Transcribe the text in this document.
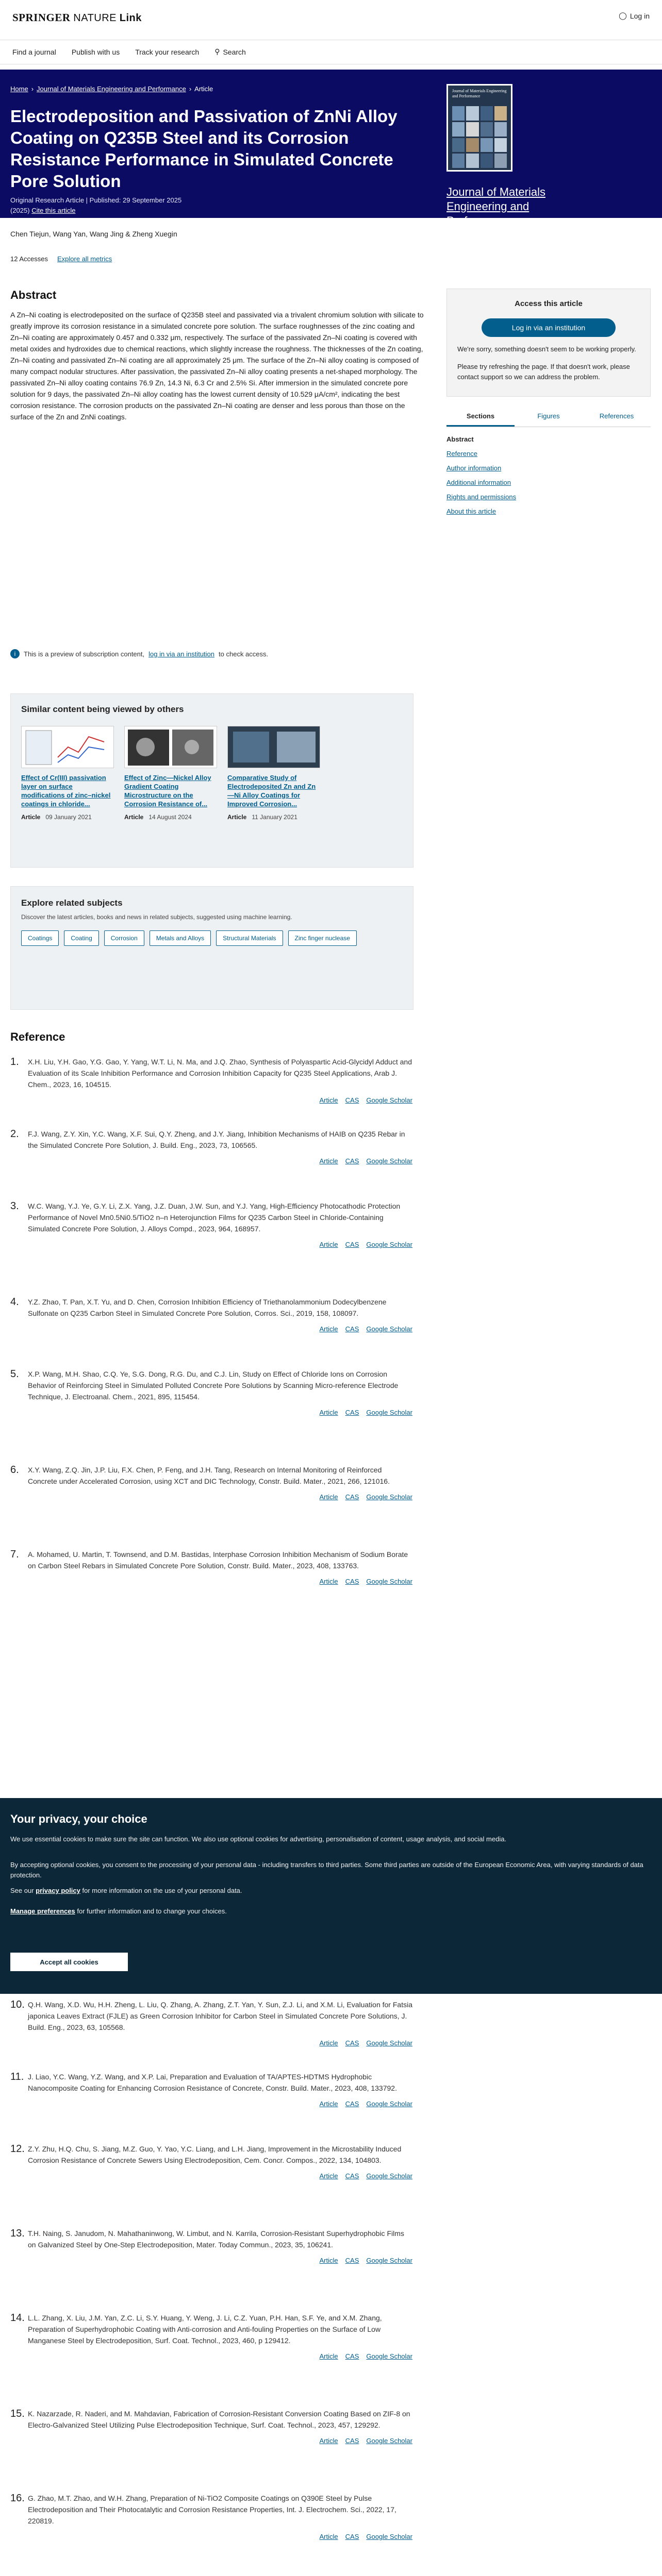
SPRINGER NATURE Link	◯ Log in
Find a journal Publish with us Track your research ⚲ Search
Home › Journal of Materials Engineering and Performance › Article
Electrodeposition and Passivation of ZnNi Alloy Coating on Q235B Steel and its Corrosion Resistance Performance in Simulated Concrete Pore Solution
Original Research Article | Published: 29 September 2025
(2025) Cite this article
Journal of Materials Engineering and Performance
Journal of Materials Engineering and Performance
Aims and scope
Submit manuscript
Chen Tiejun, Wang Yan, Wang Jing & Zheng Xuegin
12 Accesses Explore all metrics
Abstract

A Zn–Ni coating is electrodeposited on the surface of Q235B steel and passivated via a trivalent chromium solution with silicate to greatly improve its corrosion resistance in a simulated concrete pore solution. The surface roughnesses of the zinc coating and Zn–Ni coating are approximately 0.457 and 0.332 μm, respectively. The surface of the passivated Zn–Ni coating is covered with metal oxides and hydroxides due to chemical reactions, which slightly increase the roughness. The thicknesses of the Zn coating, Zn–Ni coating and passivated Zn–Ni coating are all approximately 25 μm. The surface of the Zn–Ni alloy coating is composed of many compact nodular structures. After passivation, the passivated Zn–Ni alloy coating presents a net-shaped morphology. The passivated Zn–Ni alloy coating contains 76.9 Zn, 14.3 Ni, 6.3 Cr and 2.5% Si. After immersion in the simulated concrete pore solution for 9 days, the passivated Zn–Ni alloy coating has the lowest current density of 10.529 μA/cm², indicating the best corrosion resistance. The corrosion products on the passivated Zn–Ni coating are denser and less porous than those on the surface of the Zn and ZnNi coatings.

i	This is a preview of subscription content, log in via an institution to check access.
Similar content being viewed by others
Effect of Cr(III) passivation layer on surface modifications of zinc–nickel coatings in chloride...
Article 09 January 2021
Effect of Zinc—Nickel Alloy Gradient Coating Microstructure on the Corrosion Resistance of...
Article 14 August 2024
Comparative Study of Electrodeposited Zn and Zn—Ni Alloy Coatings for Improved Corrosion...
Article 11 January 2021
Explore related subjects
Discover the latest articles, books and news in related subjects, suggested using machine learning.
Coatings	Coating	Corrosion	Metals and Alloys	Structural Materials	Zinc finger nuclease
Reference
1. X.H. Liu, Y.H. Gao, Y.G. Gao, Y. Yang, W.T. Li, N. Ma, and J.Q. Zhao, Synthesis of Polyaspartic Acid-Glycidyl Adduct and Evaluation of its Scale Inhibition Performance and Corrosion Inhibition Capacity for Q235 Steel Applications, Arab J. Chem., 2023, 16, 104515.
Article CAS Google Scholar
2. F.J. Wang, Z.Y. Xin, Y.C. Wang, X.F. Sui, Q.Y. Zheng, and J.Y. Jiang, Inhibition Mechanisms of HAIB on Q235 Rebar in the Simulated Concrete Pore Solution, J. Build. Eng., 2023, 73, 106565.
Article CAS Google Scholar
3. W.C. Wang, Y.J. Ye, G.Y. Li, Z.X. Yang, J.Z. Duan, J.W. Sun, and Y.J. Yang, High-Efficiency Photocathodic Protection Performance of Novel Mn0.5Ni0.5/TiO2 n–n Heterojunction Films for Q235 Carbon Steel in Chloride-Containing Simulated Concrete Pore Solution, J. Alloys Compd., 2023, 964, 168957.
Article CAS Google Scholar
4. Y.Z. Zhao, T. Pan, X.T. Yu, and D. Chen, Corrosion Inhibition Efficiency of Triethanolammonium Dodecylbenzene Sulfonate on Q235 Carbon Steel in Simulated Concrete Pore Solution, Corros. Sci., 2019, 158, 108097.
Article CAS Google Scholar
5. X.P. Wang, M.H. Shao, C.Q. Ye, S.G. Dong, R.G. Du, and C.J. Lin, Study on Effect of Chloride Ions on Corrosion Behavior of Reinforcing Steel in Simulated Polluted Concrete Pore Solutions by Scanning Micro-reference Electrode Technique, J. Electroanal. Chem., 2021, 895, 115454.
Article CAS Google Scholar
6. X.Y. Wang, Z.Q. Jin, J.P. Liu, F.X. Chen, P. Feng, and J.H. Tang, Research on Internal Monitoring of Reinforced Concrete under Accelerated Corrosion, using XCT and DIC Technology, Constr. Build. Mater., 2021, 266, 121016.
Article CAS Google Scholar
7. A. Mohamed, U. Martin, T. Townsend, and D.M. Bastidas, Interphase Corrosion Inhibition Mechanism of Sodium Borate on Carbon Steel Rebars in Simulated Concrete Pore Solution, Constr. Build. Mater., 2023, 408, 133763.
Article CAS Google Scholar
Access this article
Log in via an institution

We're sorry, something doesn't seem to be working properly.

Please try refreshing the page. If that doesn't work, please contact support so we can address the problem.

Sections	Figures	References
Abstract
Reference
Author information
Additional information
Rights and permissions
About this article
Your privacy, your choice
We use essential cookies to make sure the site can function. We also use optional cookies for advertising, personalisation of content, usage analysis, and social media.
By accepting optional cookies, you consent to the processing of your personal data - including transfers to third parties. Some third parties are outside of the European Economic Area, with varying standards of data protection.
See our privacy policy for more information on the use of your personal data.
Manage preferences for further information and to change your choices.
Accept all cookies
10. Q.H. Wang, X.D. Wu, H.H. Zheng, L. Liu, Q. Zhang, A. Zhang, Z.T. Yan, Y. Sun, Z.J. Li, and X.M. Li, Evaluation for Fatsia japonica Leaves Extract (FJLE) as Green Corrosion Inhibitor for Carbon Steel in Simulated Concrete Pore Solutions, J. Build. Eng., 2023, 63, 105568.
Article CAS Google Scholar
11. J. Liao, Y.C. Wang, Y.Z. Wang, and X.P. Lai, Preparation and Evaluation of TA/APTES-HDTMS Hydrophobic Nanocomposite Coating for Enhancing Corrosion Resistance of Concrete, Constr. Build. Mater., 2023, 408, 133792.
Article CAS Google Scholar
12. Z.Y. Zhu, H.Q. Chu, S. Jiang, M.Z. Guo, Y. Yao, Y.C. Liang, and L.H. Jiang, Improvement in the Microstability Induced Corrosion Resistance of Concrete Sewers Using Electrodeposition, Cem. Concr. Compos., 2022, 134, 104803.
Article CAS Google Scholar
13. T.H. Naing, S. Janudom, N. Mahathaninwong, W. Limbut, and N. Karrila, Corrosion-Resistant Superhydrophobic Films on Galvanized Steel by One-Step Electrodeposition, Mater. Today Commun., 2023, 35, 106241.
Article CAS Google Scholar
14. L.L. Zhang, X. Liu, J.M. Yan, Z.C. Li, S.Y. Huang, Y. Weng, J. Li, C.Z. Yuan, P.H. Han, S.F. Ye, and X.M. Zhang, Preparation of Superhydrophobic Coating with Anti-corrosion and Anti-fouling Properties on the Surface of Low Manganese Steel by Electrodeposition, Surf. Coat. Technol., 2023, 460, p 129412.
Article CAS Google Scholar
15. K. Nazarzade, R. Naderi, and M. Mahdavian, Fabrication of Corrosion-Resistant Conversion Coating Based on ZIF-8 on Electro-Galvanized Steel Utilizing Pulse Electrodeposition Technique, Surf. Coat. Technol., 2023, 457, 129292.
Article CAS Google Scholar
16. G. Zhao, M.T. Zhao, and W.H. Zhang, Preparation of Ni-TiO2 Composite Coatings on Q390E Steel by Pulse Electrodeposition and Their Photocatalytic and Corrosion Resistance Properties, Int. J. Electrochem. Sci., 2022, 17, 220819.
Article CAS Google Scholar
